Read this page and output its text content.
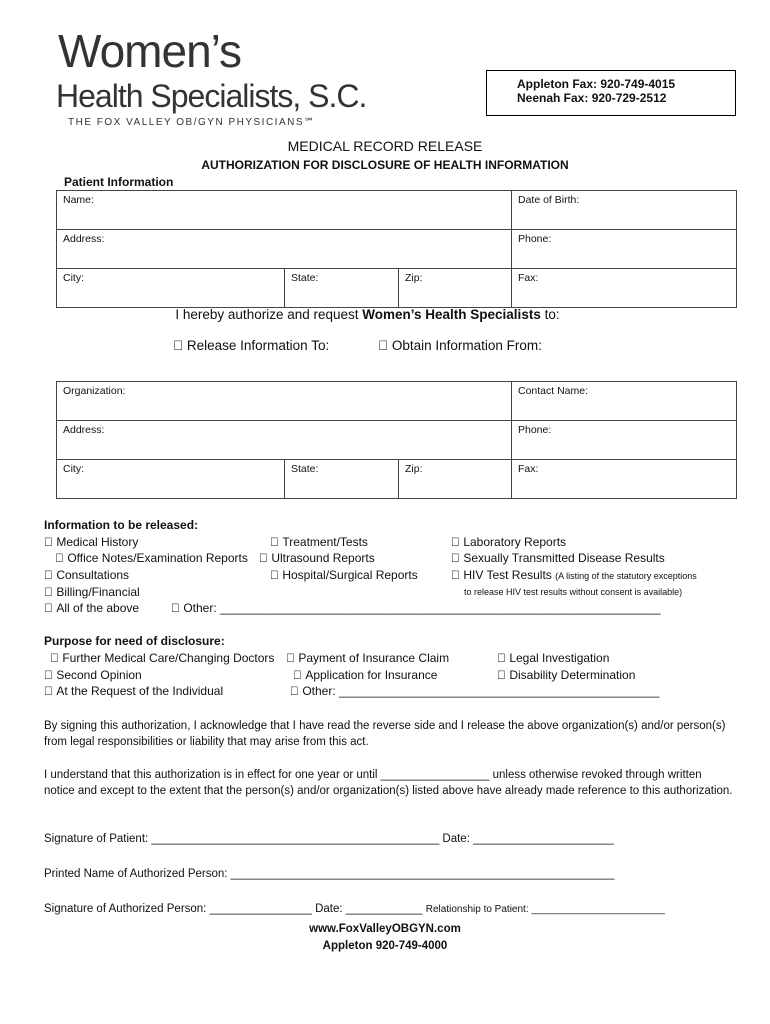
Women’s
Health Specialists, S.C.
THE FOX VALLEY OB/GYN PHYSICIANS℠
Appleton Fax: 920-749-4015
Neenah Fax: 920-729-2512
MEDICAL RECORD RELEASE
AUTHORIZATION FOR DISCLOSURE OF HEALTH INFORMATION
Patient Information
Name:			Date of Birth:
Address:			Phone:
City:	State:	Zip:	Fax:
I hereby authorize and request Women’s Health Specialists to:
Release Information To:	Obtain Information From:
Organization:			Contact Name:
Address:			Phone:
City:	State:	Zip:	Fax:
Information to be released:
Medical History	Treatment/Tests	Laboratory Reports
Office Notes/Examination Reports Ultrasound Reports	Sexually Transmitted Disease Results
Consultations	Hospital/Surgical Reports	HIV Test Results (A listing of the statutory exceptions
Billing/Financial	to release HIV test results without consent is available)
All of the above	Other: __________________________________________________________________
Purpose for need of disclosure:
Further Medical Care/Changing Doctors Payment of Insurance Claim	Legal Investigation
Second Opinion	Application for Insurance	Disability Determination
At the Request of the Individual	Other: ________________________________________________
By signing this authorization, I acknowledge that I have read the reverse side and I release the above organization(s) and/or person(s) from legal responsibilities or liability that may arise from this act.
I understand that this authorization is in effect for one year or until _________________ unless otherwise revoked through written notice and except to the extent that the person(s) and/or organization(s) listed above have already made reference to this authorization.
Signature of Patient: _____________________________________________ Date: ______________________
Printed Name of Authorized Person: ____________________________________________________________
Signature of Authorized Person: ________________ Date: ____________ Relationship to Patient: ________________________
www.FoxValleyOBGYN.com
Appleton 920-749-4000
